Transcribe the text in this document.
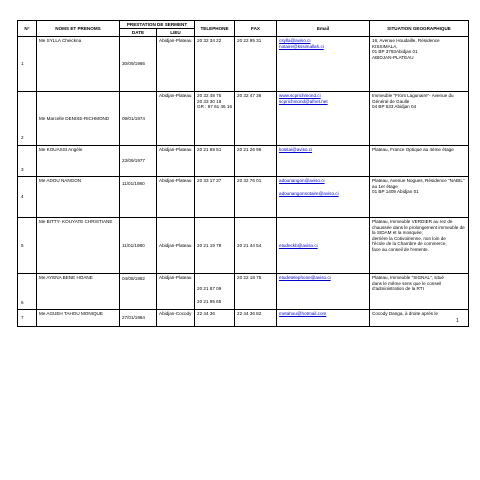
N°	NOMS ET PRENOMS	PRESTATION DE SERMENT		TELEPHONE	FAX	Email	SITUATION GEOGRAPHIQUE
		DATE	LIEU				
1	Me SYLLA Cheickna	30/09/1966	Abidjan-Plateau	20 32 34 22	20 22 95 31	csylla@aviso.ci
notaire@kssimallah.ci	16, Avenue Houdaille, Résidence KISSIMALA,
01 BP 3793Abidjan 01
ABIDJAN-PLATEAU
2	Me Marcelle DENISE-RICHMOND	09/01/1974	Abidjan-Plateau	20 32 48 75
20 33 30 18
GR : 67 61 46 16	20 32 47 36	www.scprichmond.ci
scprichmond@afnet.net	Immeuble "Front Lagunaire"- Avenue du Général de Gaulle
04 BP 533 Abidjan 04
3	Me KOUASSI Angèle	23/09/1977	Abidjan-Plateau	20 21 69 51	20 21 26 96	kositai@aviso.ci	Plateau, France Optique au 4ème étage
4	Me ADOU NANGON	11/01/1980	Abidjan-Plateau	20 33 17 37	20 32 76 01	adounangon@aviso.ci
adounangonnotaire@aviso.ci	Plateau, Avenue Nogues, Résidence "NABIL" au 1er étage
01 BP 1409 Abidjan 01
5	Me BITTY- KOUYATE CHRISTIANE	11/01/1980	Abidjan-Plateau	20 21 19 78	20 21 44 54	etudeckb@aviso.ci	Plateau, Immeuble VERDIER au rez de chaussée dans le prolongement immeuble de la SIDAM et la mosquée;
derrière la Cotivoirienne, non loin de
l'école de la Chambre de commerce,
face au conseil de l'entente.
6	Me AYENA BENE HOANE	04/08/1982	Abidjan-Plateau	20 21 87 09

20 21 95 65	20 22 18 75	etudetelephone@aviso.ci	Plateau, Immeuble "SIGNAL", situé
dans le même sens que le conseil
d'administration de la RTI
7	Me AGUEH TAHOU MONIQUE	27/01/1984	Abidjan-Cocody	22 44 36	22 44 36 82	metahou@hotmail.com	Cocody Danga, à droite après le
1
